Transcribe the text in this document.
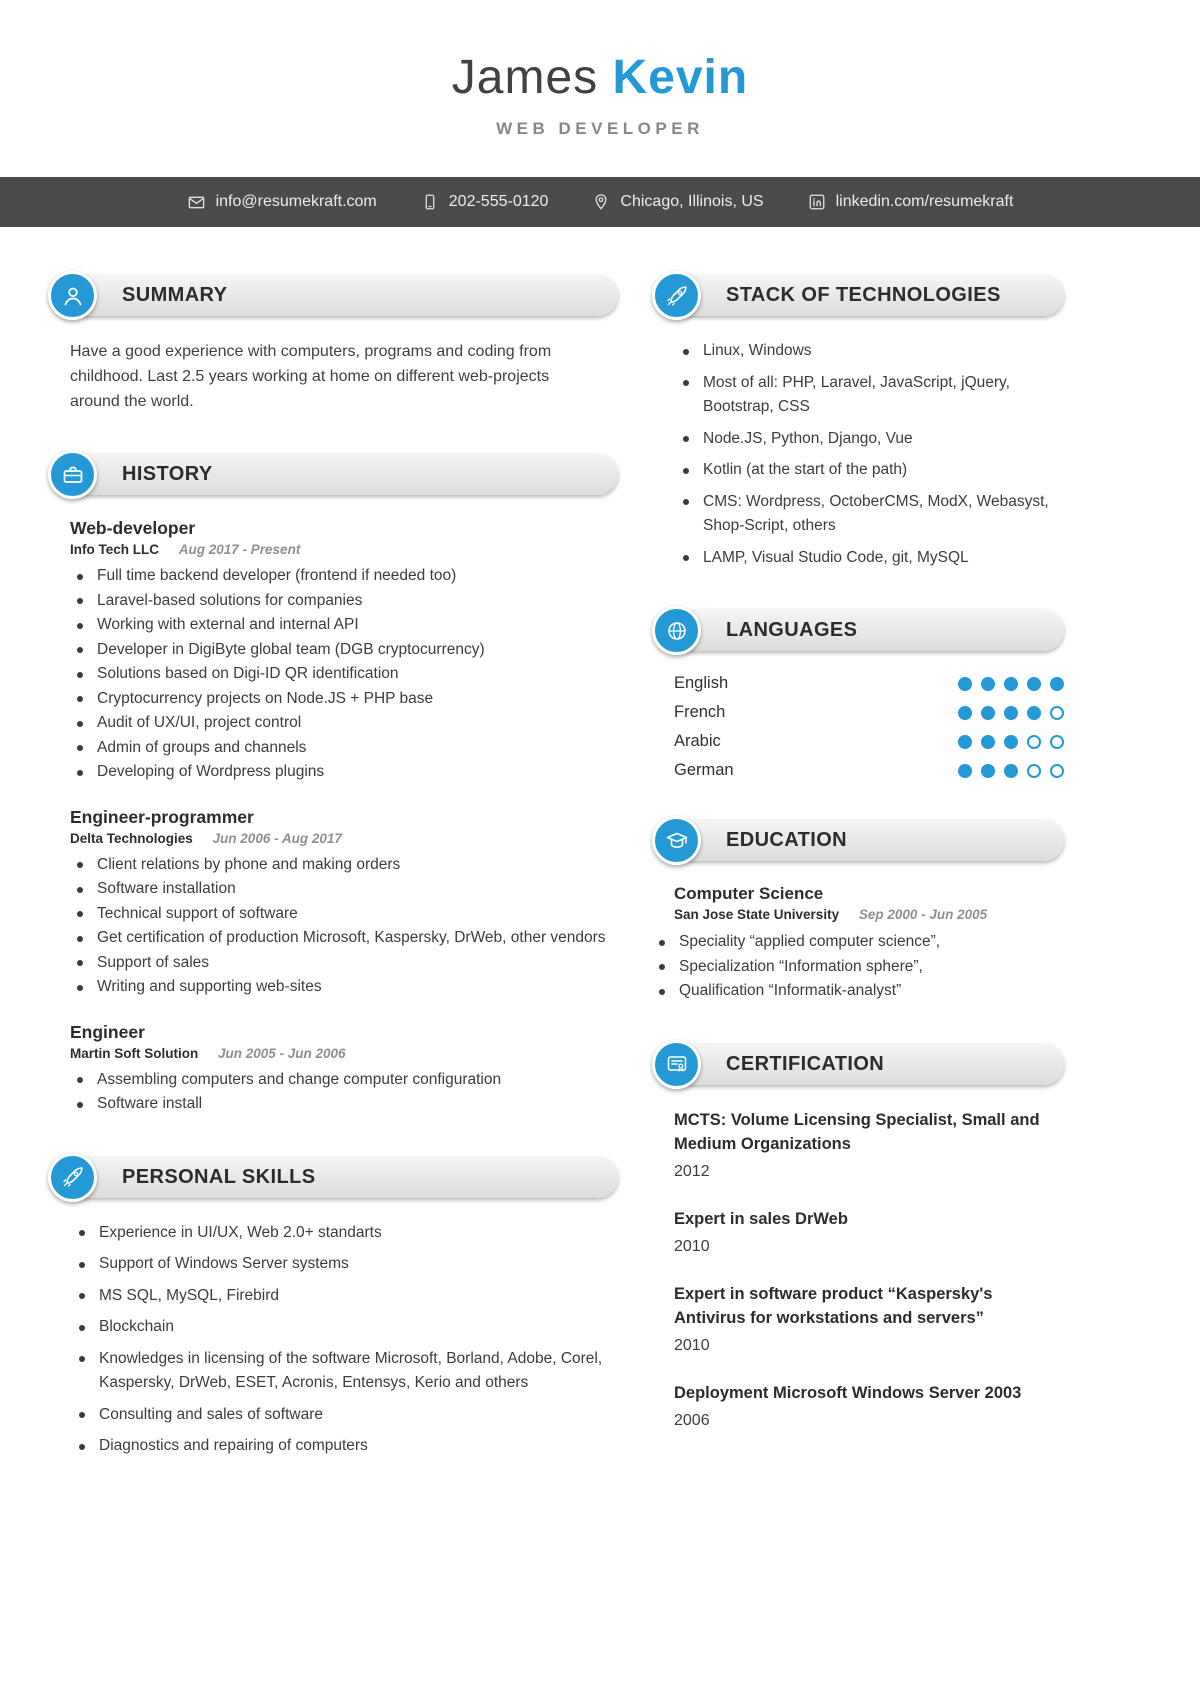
James Kevin
WEB DEVELOPER
info@resumekraft.com	202-555-0120	Chicago, Illinois, US	linkedin.com/resumekraft
SUMMARY

Have a good experience with computers, programs and coding from childhood. Last 2.5 years working at home on different web-projects around the world.

HISTORY
Web-developer
Info Tech LLC Aug 2017 - Present
Full time backend developer (frontend if needed too)
Laravel-based solutions for companies
Working with external and internal API
Developer in DigiByte global team (DGB cryptocurrency)
Solutions based on Digi-ID QR identification
Cryptocurrency projects on Node.JS + PHP base
Audit of UX/UI, project control
Admin of groups and channels
Developing of Wordpress plugins
Engineer-programmer
Delta Technologies Jun 2006 - Aug 2017
Client relations by phone and making orders
Software installation
Technical support of software
Get certification of production Microsoft, Kaspersky, DrWeb, other vendors
Support of sales
Writing and supporting web-sites
Engineer
Martin Soft Solution Jun 2005 - Jun 2006
Assembling computers and change computer configuration
Software install
PERSONAL SKILLS
Experience in UI/UX, Web 2.0+ standarts
Support of Windows Server systems
MS SQL, MySQL, Firebird
Blockchain
Knowledges in licensing of the software Microsoft, Borland, Adobe, Corel, Kaspersky, DrWeb, ESET, Acronis, Entensys, Kerio and others
Consulting and sales of software
Diagnostics and repairing of computers
STACK OF TECHNOLOGIES
Linux, Windows
Most of all: PHP, Laravel, JavaScript, jQuery, Bootstrap, CSS
Node.JS, Python, Django, Vue
Kotlin (at the start of the path)
CMS: Wordpress, OctoberCMS, ModX, Webasyst, Shop-Script, others
LAMP, Visual Studio Code, git, MySQL
LANGUAGES
English
French
Arabic
German
EDUCATION
Computer Science
San Jose State University Sep 2000 - Jun 2005
Speciality “applied computer science”,
Specialization “Information sphere”,
Qualification “Informatik-analyst”
CERTIFICATION
MCTS: Volume Licensing Specialist, Small and Medium Organizations
2012
Expert in sales DrWeb
2010
Expert in software product “Kaspersky's Antivirus for workstations and servers”
2010
Deployment Microsoft Windows Server 2003
2006
